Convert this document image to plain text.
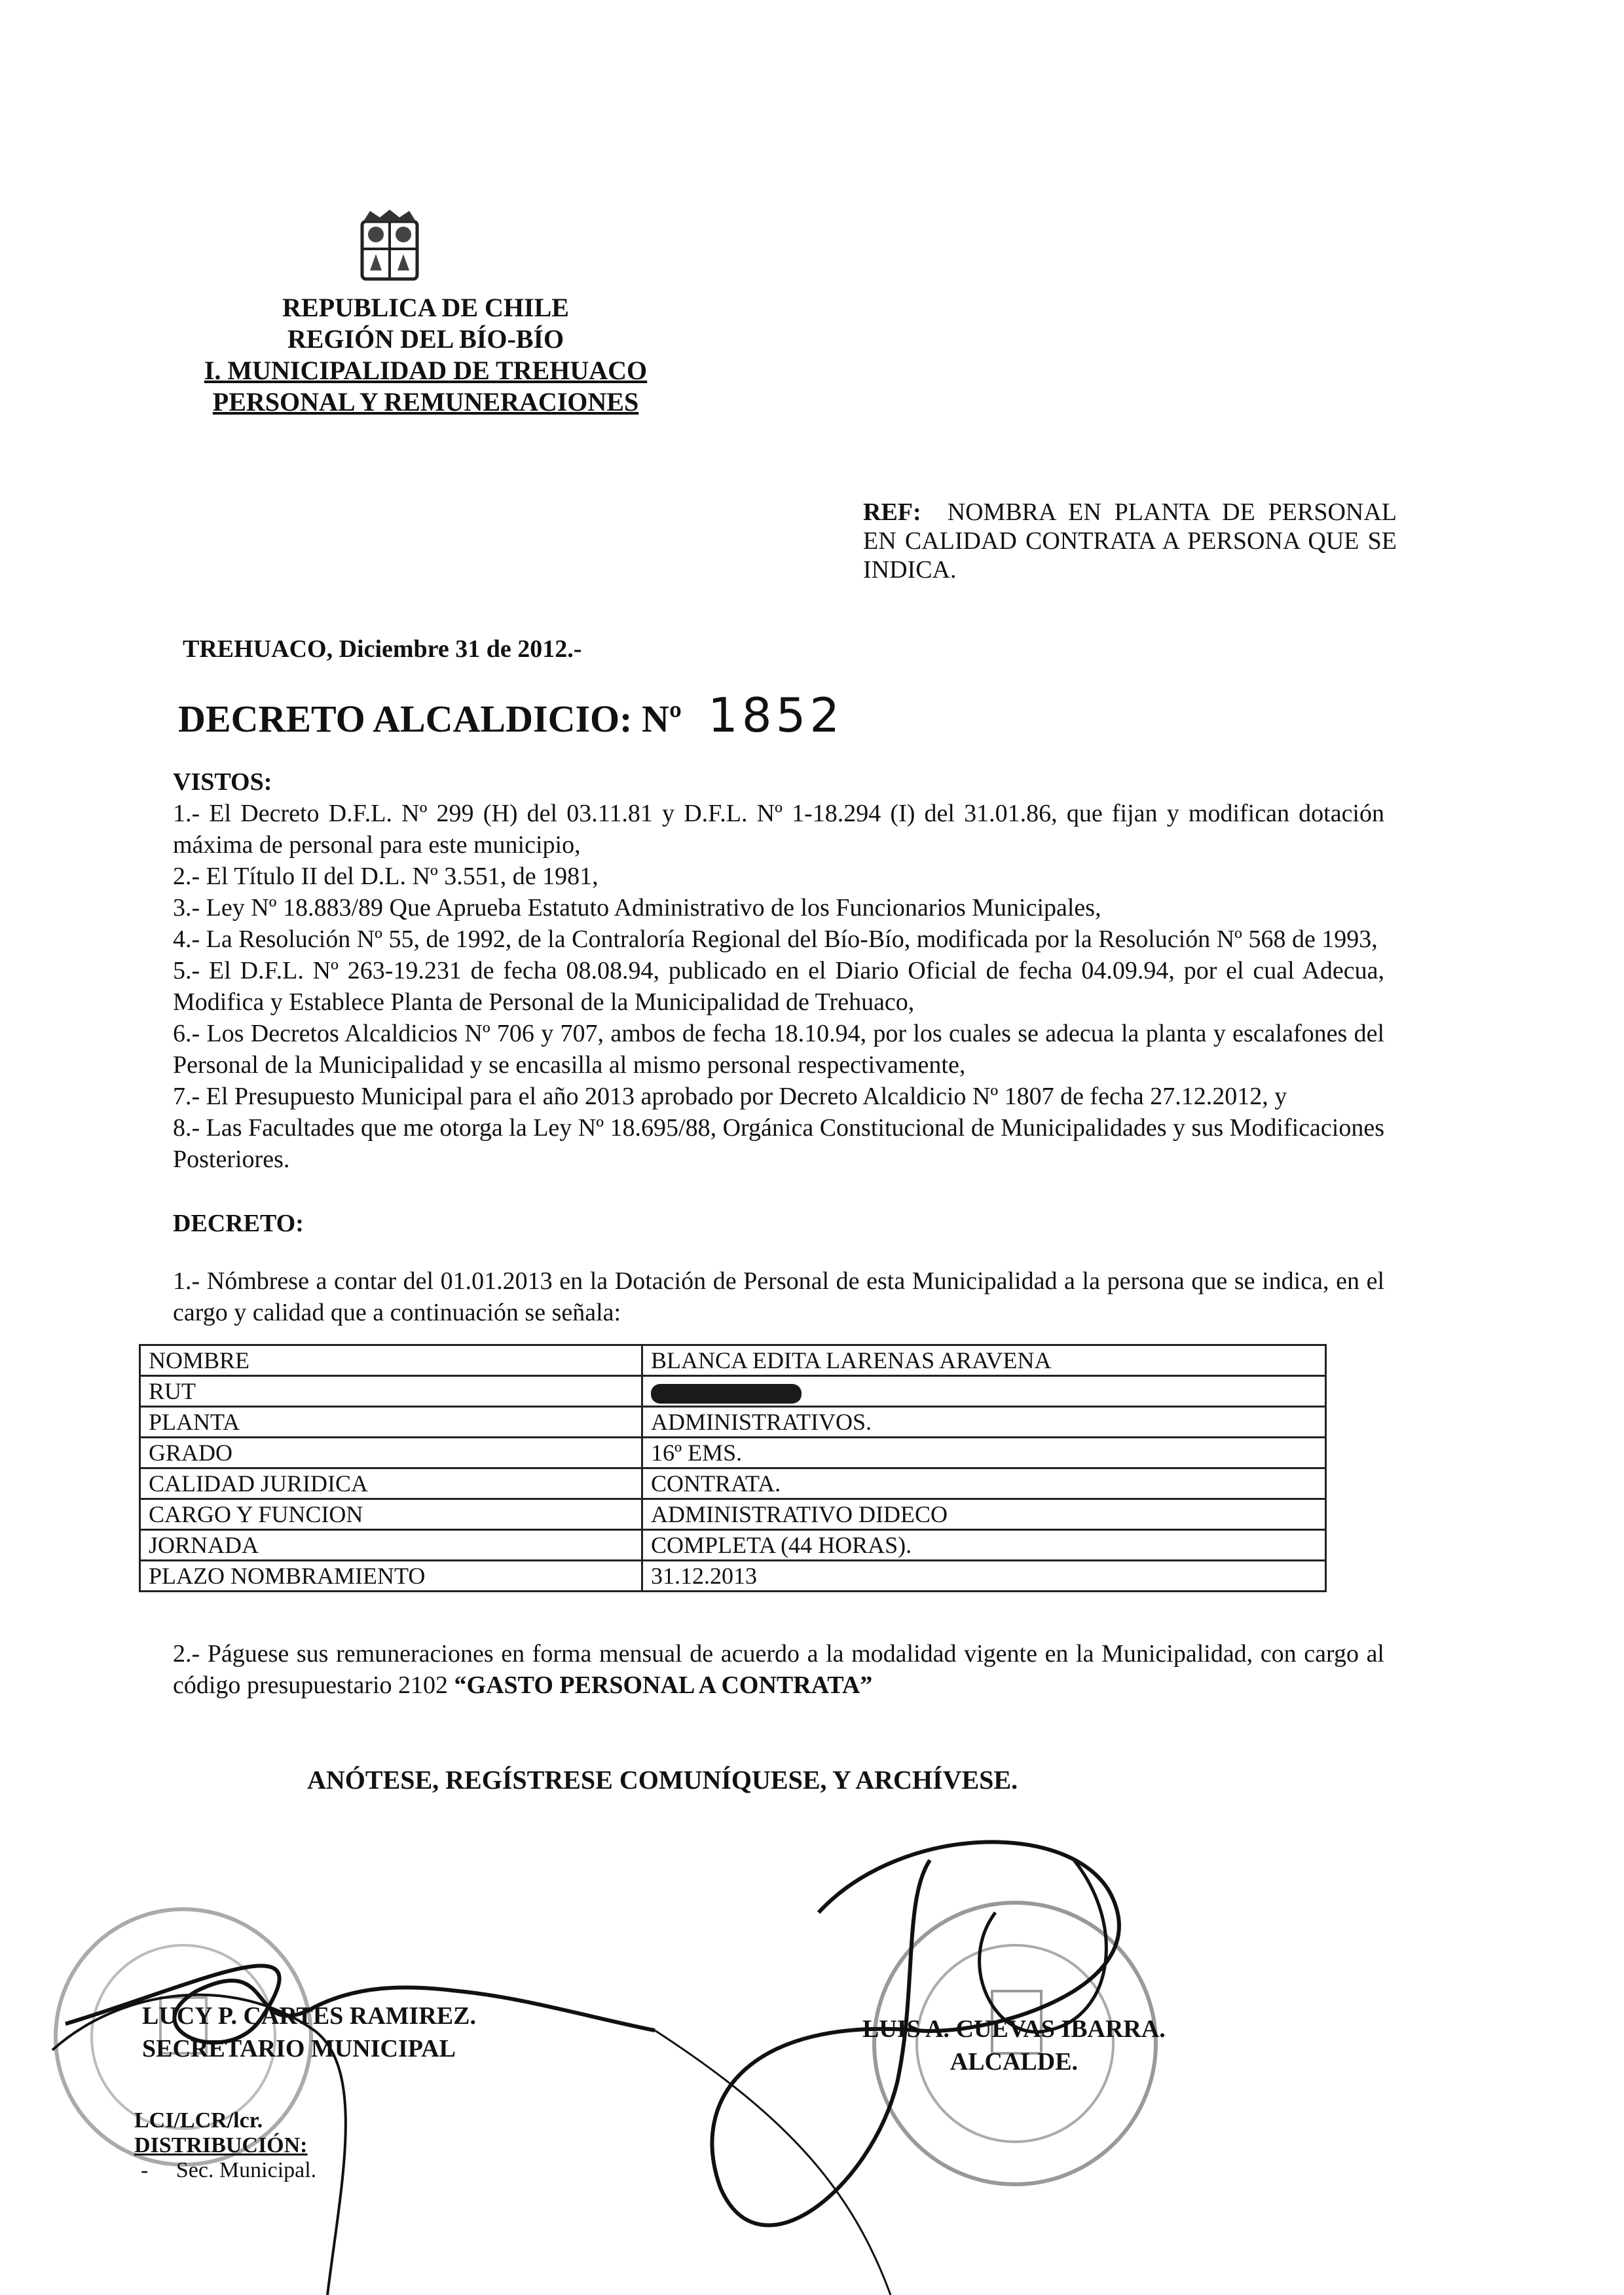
REPUBLICA DE CHILE
REGIÓN DEL BÍO-BÍO
I. MUNICIPALIDAD DE TREHUACO
PERSONAL Y REMUNERACIONES
REF: NOMBRA EN PLANTA DE PERSONAL EN CALIDAD CONTRATA A PERSONA QUE SE INDICA.
TREHUACO, Diciembre 31 de 2012.-
DECRETO ALCALDICIO: Nº 1852
VISTOS:
1.- El Decreto D.F.L. Nº 299 (H) del 03.11.81 y D.F.L. Nº 1-18.294 (I) del 31.01.86, que fijan y modifican dotación máxima de personal para este municipio,
2.- El Título II del D.L. Nº 3.551, de 1981,
3.- Ley Nº 18.883/89 Que Aprueba Estatuto Administrativo de los Funcionarios Municipales,
4.- La Resolución Nº 55, de 1992, de la Contraloría Regional del Bío-Bío, modificada por la Resolución Nº 568 de 1993,
5.- El D.F.L. Nº 263-19.231 de fecha 08.08.94, publicado en el Diario Oficial de fecha 04.09.94, por el cual Adecua, Modifica y Establece Planta de Personal de la Municipalidad de Trehuaco,
6.- Los Decretos Alcaldicios Nº 706 y 707, ambos de fecha 18.10.94, por los cuales se adecua la planta y escalafones del Personal de la Municipalidad y se encasilla al mismo personal respectivamente,
7.- El Presupuesto Municipal para el año 2013 aprobado por Decreto Alcaldicio Nº 1807 de fecha 27.12.2012, y
8.- Las Facultades que me otorga la Ley Nº 18.695/88, Orgánica Constitucional de Municipalidades y sus Modificaciones Posteriores.
DECRETO:
1.- Nómbrese a contar del 01.01.2013 en la Dotación de Personal de esta Municipalidad a la persona que se indica, en el cargo y calidad que a continuación se señala:
NOMBRE	BLANCA EDITA LARENAS ARAVENA
RUT	
PLANTA	ADMINISTRATIVOS.
GRADO	16º EMS.
CALIDAD JURIDICA	CONTRATA.
CARGO Y FUNCION	ADMINISTRATIVO DIDECO
JORNADA	COMPLETA (44 HORAS).
PLAZO NOMBRAMIENTO	31.12.2013
2.- Páguese sus remuneraciones en forma mensual de acuerdo a la modalidad vigente en la Municipalidad, con cargo al código presupuestario 2102 “GASTO PERSONAL A CONTRATA”
ANÓTESE, REGÍSTRESE COMUNÍQUESE, Y ARCHÍVESE.
LUCY P. CARTES RAMIREZ.
SECRETARIO MUNICIPAL
LUIS A. CUEVAS IBARRA.
ALCALDE.
LCI/LCR/lcr.
DISTRIBUCIÓN:
-     Sec. Municipal.
